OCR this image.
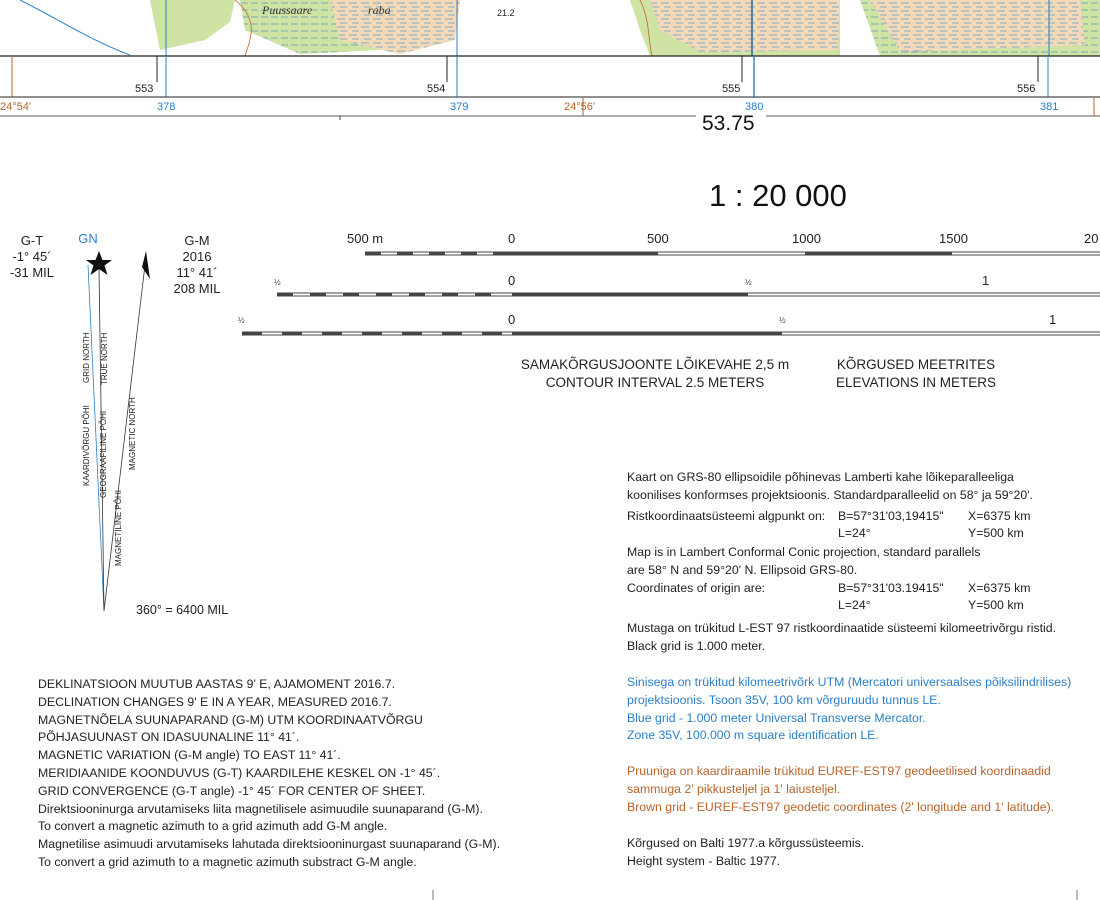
Puussaare	raba	21.2
553	554	555	556
378	379	380	381
24°54'	24°56'
53.75
1 : 20 000
500 m	0	500	1000	1500	20
½	0	½	1
½	0	½	1
G-T
-1° 45´
-31 MIL
GN	G-M
2016
11° 41´
208 MIL
GRID NORTH
KAARDIVÕRGU PÕHI
TRUE NORTH
GEOGRAAFILINE PÕHI	MAGNETIC NORTH
MAGNETILINE PÕHI
360° = 6400 MIL
SAMAKÕRGUSJOONTE LÕIKEVAHE 2,5 m
CONTOUR INTERVAL 2.5 METERS
KÕRGUSED MEETRITES
ELEVATIONS IN METERS
DEKLINATSIOON MUUTUB AASTAS 9' E, AJAMOMENT 2016.7.
DECLINATION CHANGES 9' E IN A YEAR, MEASURED 2016.7.
MAGNETNÕELA SUUNAPARAND (G-M) UTM KOORDINAATVÕRGU
PÕHJASUUNAST ON IDASUUNALINE 11° 41´.
MAGNETIC VARIATION (G-M angle) TO EAST 11° 41´.
MERIDIAANIDE KOONDUVUS (G-T) KAARDILEHE KESKEL ON -1° 45´.
GRID CONVERGENCE (G-T angle) -1° 45´ FOR CENTER OF SHEET.
Direktsiooninurga arvutamiseks liita magnetilisele asimuudile suunaparand (G-M).
To convert a magnetic azimuth to a grid azimuth add G-M angle.
Magnetilise asimuudi arvutamiseks lahutada direktsiooninurgast suunaparand (G-M).
To convert a grid azimuth to a magnetic azimuth substract G-M angle.
Kaart on GRS-80 ellipsoidile põhinevas Lamberti kahe lõikeparalleeliga
koonilises konformses projektsioonis. Standardparalleelid on 58° ja 59°20'.
Ristkoordinaatsüsteemi algpunkt on: B=57°31'03,19415" X=6375 km
L=24°	Y=500 km
Map is in Lambert Conformal Conic projection, standard parallels
are 58° N and 59°20' N. Ellipsoid GRS-80.
Coordinates of origin are:	B=57°31'03.19415" X=6375 km
L=24°	Y=500 km
Mustaga on trükitud L-EST 97 ristkoordinaatide süsteemi kilomeetrivõrgu ristid.
Black grid is 1.000 meter.
Sinisega on trükitud kilomeetrivõrk UTM (Mercatori universaalses põiksilindrilises)
projektsioonis. Tsoon 35V, 100 km võrguruudu tunnus LE.
Blue grid - 1.000 meter Universal Transverse Mercator.
Zone 35V, 100.000 m square identification LE.
Pruuniga on kaardiraamile trükitud EUREF-EST97 geodeetilised koordinaadid
sammuga 2' pikkusteljel ja 1' laiusteljel.
Brown grid - EUREF-EST97 geodetic coordinates (2' longitude and 1' latitude).
Kõrgused on Balti 1977.a kõrgussüsteemis.
Height system - Baltic 1977.
